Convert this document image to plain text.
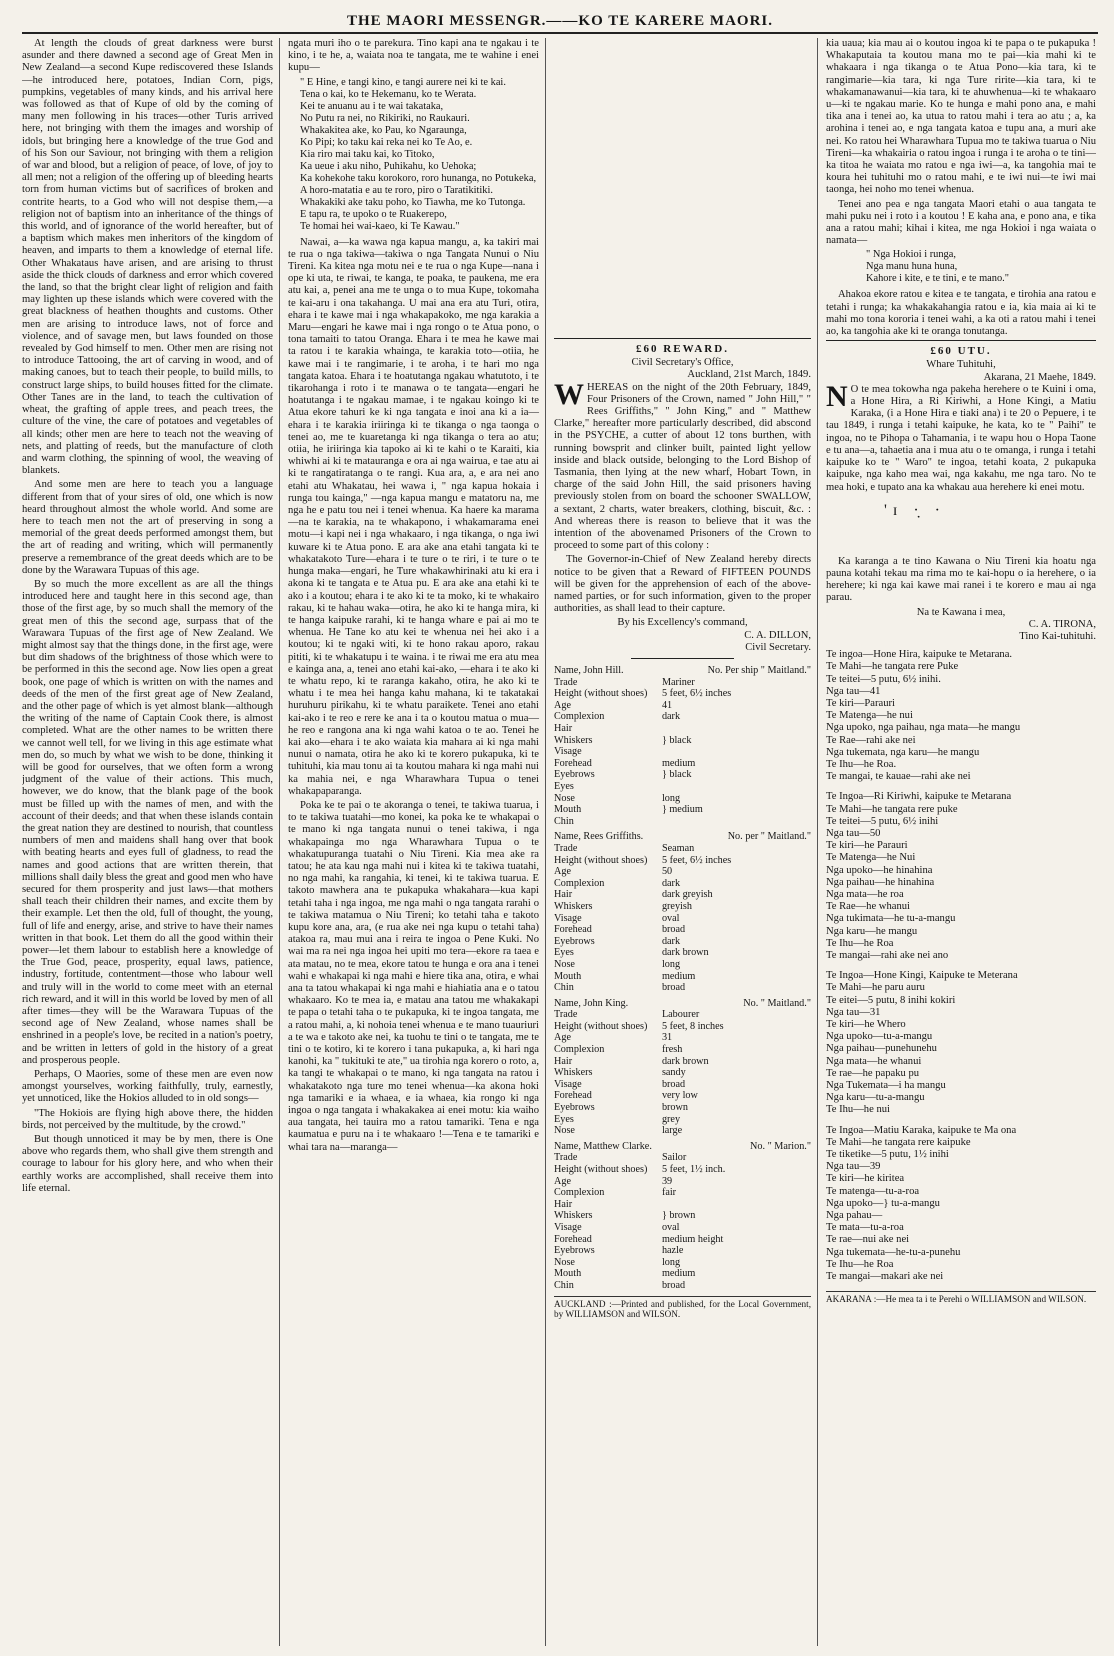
THE MAORI MESSENGR.——KO TE KARERE MAORI.

At length the clouds of great darkness were burst asunder and there dawned a second age of Great Men in New Zealand—a second Kupe rediscovered these Islands—he introduced here, potatoes, Indian Corn, pigs, pumpkins, vegetables of many kinds, and his arrival here was followed as that of Kupe of old by the coming of many men following in his traces—other Turis arrived here, not bringing with them the images and worship of idols, but bringing here a knowledge of the true God and of his Son our Saviour, not bringing with them a religion of war and blood, but a religion of peace, of love, of joy to all men; not a religion of the offering up of bleeding hearts torn from human victims but of sacrifices of broken and contrite hearts, to a God who will not despise them,—a religion not of baptism into an inheritance of the things of this world, and of ignorance of the world hereafter, but of a baptism which makes men inheritors of the kingdom of heaven, and imparts to them a knowledge of eternal life. Other Whakataus have arisen, and are arising to thrust aside the thick clouds of darkness and error which covered the land, so that the bright clear light of religion and faith may lighten up these islands which were covered with the great blackness of heathen thoughts and customs. Other men are arising to introduce laws, not of force and violence, and of savage men, but laws founded on those revealed by God himself to men. Other men are rising not to introduce Tattooing, the art of carving in wood, and of making canoes, but to teach their people, to build mills, to construct large ships, to build houses fitted for the climate. Other Tanes are in the land, to teach the cultivation of wheat, the grafting of apple trees, and peach trees, the culture of the vine, the care of potatoes and vegetables of all kinds; other men are here to teach not the weaving of nets, and platting of reeds, but the manufacture of cloth and warm clothing, the spinning of wool, the weaving of blankets.

And some men are here to teach you a language different from that of your sires of old, one which is now heard throughout almost the whole world. And some are here to teach men not the art of preserving in song a memorial of the great deeds performed amongst them, but the art of reading and writing, which will permanently preserve a remembrance of the great deeds which are to be done by the Warawara Tupuas of this age.

By so much the more excellent as are all the things introduced here and taught here in this second age, than those of the first age, by so much shall the memory of the great men of this the second age, surpass that of the Warawara Tupuas of the first age of New Zealand. We might almost say that the things done, in the first age, were but dim shadows of the brightness of those which were to be performed in this the second age. Now lies open a great book, one page of which is written on with the names and deeds of the men of the first great age of New Zealand, and the other page of which is yet almost blank—although the writing of the name of Captain Cook there, is almost completed. What are the other names to be written there we cannot well tell, for we living in this age estimate what men do, so much by what we wish to be done, thinking it will be good for ourselves, that we often form a wrong judgment of the value of their actions. This much, however, we do know, that the blank page of the book must be filled up with the names of men, and with the account of their deeds; and that when these islands contain the great nation they are destined to nourish, that countless numbers of men and maidens shall hang over that book with beating hearts and eyes full of gladness, to read the names and good actions that are written therein, that millions shall daily bless the great and good men who have secured for them prosperity and just laws—that mothers shall teach their children their names, and excite them by their example. Let then the old, full of thought, the young, full of life and energy, arise, and strive to have their names written in that book. Let them do all the good within their power—let them labour to establish here a knowledge of the True God, peace, prosperity, equal laws, patience, industry, fortitude, contentment—those who labour well and truly will in the world to come meet with an eternal rich reward, and it will in this world be loved by men of all after times—they will be the Warawara Tupuas of the second age of New Zealand, whose names shall be enshrined in a people's love, be recited in a nation's poetry, and be written in letters of gold in the history of a great and prosperous people.

Perhaps, O Maories, some of these men are even now amongst yourselves, working faithfully, truly, earnestly, yet unnoticed, like the Hokios alluded to in old songs—

"The Hokiois are flying high above there, the hidden birds, not perceived by the multitude, by the crowd."

But though unnoticed it may be by men, there is One above who regards them, who shall give them strength and courage to labour for his glory here, and who when their earthly works are accomplished, shall receive them into life eternal.

ngata muri iho o te parekura. Tino kapi ana te ngakau i te kino, i te he, a, waiata noa te tangata, me te wahine i enei kupu—

" E Hine, e tangi kino, e tangi aurere nei ki te kai.
Tena o kai, ko te Hekemanu, ko te Werata.
Kei te anuanu au i te wai takataka,
No Putu ra nei, no Rikiriki, no Raukauri.
Whakakitea ake, ko Pau, ko Ngaraunga,
Ko Pipi; ko taku kai reka nei ko Te Ao, e.
Kia riro mai taku kai, ko Titoko,
Ka ueue i aku niho, Puhikahu, ko Uehoka;
Ka kohekohe taku korokoro, roro hunanga, no Potukeka,
A horo-matatia e au te roro, piro o Taratikitiki.
Whakakiki ake taku poho, ko Tiawha, me ko Tutonga.
E tapu ra, te upoko o te Ruakerepo,
Te homai hei wai-kaeo, ki Te Kawau."

Nawai, a—ka wawa nga kapua mangu, a, ka takiri mai te rua o nga takiwa—takiwa o nga Tangata Nunui o Niu Tireni. Ka kitea nga motu nei e te rua o nga Kupe—nana i ope ki uta, te riwai, te kanga, te poaka, te paukena, me era atu kai, a, penei ana me te unga o to mua Kupe, tokomaha te kai-aru i ona takahanga. U mai ana era atu Turi, otira, ehara i te kawe mai i nga whakapakoko, me nga karakia a Maru—engari he kawe mai i nga rongo o te Atua pono, o tona tamaiti to tatou Oranga. Ehara i te mea he kawe mai ta ratou i te karakia whainga, te karakia toto—otiia, he kawe mai i te rangimarie, i te aroha, i te hari mo nga tangata katoa. Ehara i te hoatutanga ngakau whatutoto, i te tikarohanga i roto i te manawa o te tangata—engari he hoatutanga i te ngakau mamae, i te ngakau koingo ki te Atua ekore tahuri ke ki nga tangata e inoi ana ki a ia—ehara i te karakia iriiringa ki te tikanga o nga taonga o tenei ao, me te kuaretanga ki nga tikanga o tera ao atu; otiia, he iriiringa kia tapoko ai ki te kahi o te Karaiti, kia whiwhi ai ki te matauranga e ora ai nga wairua, e tae atu ai ki te rangatiratanga o te rangi. Kua ara, a, e ara nei ano etahi atu Whakatau, hei wawa i, " nga kapua hokaia i runga tou kainga," —nga kapua mangu e matatoru na, me nga he e patu tou nei i tenei whenua. Ka haere ka marama—na te karakia, na te whakapono, i whakamarama enei motu—i kapi nei i nga whakaaro, i nga tikanga, o nga iwi kuware ki te Atua pono. E ara ake ana etahi tangata ki te whakatakoto Ture—ehara i te ture o te riri, i te ture o te hunga maka—engari, he Ture whakawhirinaki atu ki era i akona ki te tangata e te Atua pu. E ara ake ana etahi ki te ako i a koutou; ehara i te ako ki te ta moko, ki te whakairo rakau, ki te hahau waka—otira, he ako ki te hanga mira, ki te hanga kaipuke rarahi, ki te hanga whare e pai ai mo te whenua. He Tane ko atu kei te whenua nei hei ako i a koutou; ki te ngaki witi, ki te hono rakau aporo, rakau pititi, ki te whakatupu i te waina. i te riwai me era atu mea e kainga ana, a, tenei ano etahi kai-ako, —ehara i te ako ki te whatu repo, ki te raranga kakaho, otira, he ako ki te whatu i te mea hei hanga kahu mahana, ki te takatakai huruhuru pirikahu, ki te whatu paraikete. Tenei ano etahi kai-ako i te reo e rere ke ana i ta o koutou matua o mua—he reo e rangona ana ki nga wahi katoa o te ao. Tenei he kai ako—ehara i te ako waiata kia mahara ai ki nga mahi nunui o namata, otira he ako ki te korero pukapuka, ki te tuhituhi, kia mau tonu ai ta koutou mahara ki nga mahi nui ka mahia nei, e nga Wharawhara Tupua o tenei whakapaparanga.

Poka ke te pai o te akoranga o tenei, te takiwa tuarua, i to te takiwa tuatahi—mo konei, ka poka ke te whakapai o te mano ki nga tangata nunui o tenei takiwa, i nga whakapainga mo nga Wharawhara Tupua o te whakatupuranga tuatahi o Niu Tireni. Kia mea ake ra tatou; he ata kau nga mahi nui i kitea ki te takiwa tuatahi, no nga mahi, ka rangahia, ki tenei, ki te takiwa tuarua. E takoto mawhera ana te pukapuka whakahara—kua kapi tetahi taha i nga ingoa, me nga mahi o nga tangata rarahi o te takiwa matamua o Niu Tireni; ko tetahi taha e takoto kupu kore ana, ara, (e rua ake nei nga kupu o tetahi taha) atakoa ra, mau mui ana i reira te ingoa o Pene Kuki. No wai ma ra nei nga ingoa hei upiti mo tera—ekore ra taea e ata matau, no te mea, ekore tatou te hunga e ora ana i tenei wahi e whakapai ki nga mahi e hiere tika ana, otira, e whai ana ta tatou whakapai ki nga mahi e hiahiatia ana e o tatou whakaaro. Ko te mea ia, e matau ana tatou me whakakapi te papa o tetahi taha o te pukapuka, ki te ingoa tangata, me a ratou mahi, a, ki nohoia tenei whenua e te mano tuauriuri a te wa e takoto ake nei, ka tuohu te tini o te tangata, me te tini o te kotiro, ki te korero i tana pukapuka, a, ki hari nga kanohi, ka " tukituki te ate," ua tirohia nga korero o roto, a, ka tangi te whakapai o te mano, ki nga tangata na ratou i whakatakoto nga ture mo tenei whenua—ka akona hoki nga tamariki e ia whaea, e ia whaea, kia rongo ki nga ingoa o nga tangata i whakakakea ai enei motu: kia waiho aua tangata, hei tauira mo a ratou tamariki. Tena e nga kaumatua e puru na i te whakaaro !—Tena e te tamariki e whai tara na—maranga—

£60 REWARD.
Civil Secretary's Office,
Auckland, 21st March, 1849.

WHEREAS on the night of the 20th February, 1849, Four Prisoners of the Crown, named " John Hill," " Rees Griffiths," " John King," and " Matthew Clarke," hereafter more particularly described, did abscond in the PSYCHE, a cutter of about 12 tons burthen, with running bowsprit and clinker built, painted light yellow inside and black outside, belonging to the Lord Bishop of Tasmania, then lying at the new wharf, Hobart Town, in charge of the said John Hill, the said prisoners having previously stolen from on board the schooner SWALLOW, a sextant, 2 charts, water breakers, clothing, biscuit, &c. : And whereas there is reason to believe that it was the intention of the abovenamed Prisoners of the Crown to proceed to some part of this colony :

The Governor-in-Chief of New Zealand hereby directs notice to be given that a Reward of FIFTEEN POUNDS will be given for the apprehension of each of the above-named parties, or for such information, given to the proper authorities, as shall lead to their capture.

By his Excellency's command,
C. A. DILLON,
Civil Secretary.
Name, John Hill.	No. Per ship " Maitland."
Trade	Mariner
Height (without shoes)	5 feet, 6½ inches
Age	41
Complexion	dark
Hair	
Whiskers	} black
Visage	
Forehead	medium
Eyebrows	} black
Eyes	
Nose	long
Mouth	} medium
Chin	
Name, Rees Griffiths.	No. per " Maitland."
Trade	Seaman
Height (without shoes)	5 feet, 6½ inches
Age	50
Complexion	dark
Hair	dark greyish
Whiskers	greyish
Visage	oval
Forehead	broad
Eyebrows	dark
Eyes	dark brown
Nose	long
Mouth	medium
Chin	broad
Name, John King.	No. " Maitland."
Trade	Labourer
Height (without shoes)	5 feet, 8 inches
Age	31
Complexion	fresh
Hair	dark brown
Whiskers	sandy
Visage	broad
Forehead	very low
Eyebrows	brown
Eyes	grey
Nose	large
Name, Matthew Clarke.	No. " Marion."
Trade	Sailor
Height (without shoes)	5 feet, 1½ inch.
Age	39
Complexion	fair
Hair	
Whiskers	} brown
Visage	oval
Forehead	medium height
Eyebrows	hazle
Nose	long
Mouth	medium
Chin	broad
AUCKLAND :—Printed and published, for the Local Government, by WILLIAMSON and WILSON.

kia uaua; kia mau ai o koutou ingoa ki te papa o te pukapuka ! Whakaputaia ta koutou mana mo te pai—kia mahi ki te whakaara i nga tikanga o te Atua Pono—kia tara, ki te rangimarie—kia tara, ki nga Ture ririte—kia tara, ki te whakamanawanui—kia tara, ki te ahuwhenua—ki te whakaaro u—ki te ngakau marie. Ko te hunga e mahi pono ana, e mahi tika ana i tenei ao, ka utua to ratou mahi i tera ao atu ; a, ka arohina i tenei ao, e nga tangata katoa e tupu ana, a muri ake nei. Ko ratou hei Wharawhara Tupua mo te takiwa tuarua o Niu Tireni—ka whakairia o ratou ingoa i runga i te aroha o te tini—ka titoa he waiata mo ratou e nga iwi—a, ka tangohia mai te koura hei tuhituhi mo o ratou mahi, e te iwi nui—te iwi mai taonga, hei noho mo tenei whenua.

Tenei ano pea e nga tangata Maori etahi o aua tangata te mahi puku nei i roto i a koutou ! E kaha ana, e pono ana, e tika ana a ratou mahi; kihai i kitea, me nga Hokioi i nga waiata o namata—

" Nga Hokioi i runga,
Nga manu huna huna,
Kahore i kite, e te tini, e te mano."

Ahakoa ekore ratou e kitea e te tangata, e tirohia ana ratou e tetahi i runga; ka whakakahangia ratou e ia, kia maia ai ki te mahi mo tona kororia i tenei wahi, a ka oti a ratou mahi i tenei ao, ka tangohia ake ki te oranga tonutanga.

£60 UTU.
Whare Tuhituhi,
Akarana, 21 Maehe, 1849.

N O te mea tokowha nga pakeha herehere o te Kuini i oma, a Hone Hira, a Ri Kiriwhi, a Hone Kingi, a Matiu Karaka, (i a Hone Hira e tiaki ana) i te 20 o Pepuere, i te tau 1849, i runga i tetahi kaipuke, he kata, ko te " Paihi" te ingoa, no te Pihopa o Tahamania, i te wapu hou o Hopa Taone e tu ana—a, tahaetia ana i mua atu o te omanga, i runga i tetahi kaipuke ko te " Waro" te ingoa, tetahi koata, 2 pukapuka kaipuke, nga kaho mea wai, nga kakahu, me nga taro. No te mea hoki, e tupato ana ka whakau aua herehere ki enei motu.

'ɪ ·̣̣ ·

Ka karanga a te tino Kawana o Niu Tireni kia hoatu nga pauna kotahi tekau ma rima mo te kai-hopu o ia herehere, o ia herehere; ki nga kai kawe mai ranei i te korero e mau ai nga parau.

Na te Kawana i mea,
C. A. TIRONA,
Tino Kai-tuhituhi.
Te ingoa—Hone Hira, kaipuke te Metarana.
Te Mahi—he tangata rere Puke
Te teitei—5 putu, 6½ inihi.
Nga tau—41
Te kiri—Parauri
Te Matenga—he nui
Nga upoko, nga paihau, nga mata—he mangu
Te Rae—rahi ake nei
Nga tukemata, nga karu—he mangu
Te Ihu—he Roa.
Te mangai, te kauae—rahi ake nei
Te Ingoa—Ri Kiriwhi, kaipuke te Metarana
Te Mahi—he tangata rere puke
Te teitei—5 putu, 6½ inihi
Nga tau—50
Te kiri—he Parauri
Te Matenga—he Nui
Nga upoko—he hinahina
Nga paihau—he hinahina
Nga mata—he roa
Te Rae—he whanui
Nga tukimata—he tu-a-mangu
Nga karu—he mangu
Te Ihu—he Roa
Te mangai—rahi ake nei ano
Te Ingoa—Hone Kingi, Kaipuke te Meterana
Te Mahi—he paru auru
Te eitei—5 putu, 8 inihi kokiri
Nga tau—31
Te kiri—he Whero
Nga upoko—tu-a-mangu
Nga paihau—punehunehu
Nga mata—he whanui
Te rae—he papaku pu
Nga Tukemata—i ha mangu
Nga karu—tu-a-mangu
Te Ihu—he nui
Te Ingoa—Matiu Karaka, kaipuke te Ma ona
Te Mahi—he tangata rere kaipuke
Te tiketike—5 putu, 1½ inihi
Nga tau—39
Te kiri—he kiritea
Te matenga—tu-a-roa
Nga upoko—} tu-a-mangu
Nga pahau—
Te mata—tu-a-roa
Te rae—nui ake nei
Nga tukemata—he-tu-a-punehu
Te Ihu—he Roa
Te mangai—makari ake nei
AKARANA :—He mea ta i te Perehi o WILLIAMSON and WILSON.
